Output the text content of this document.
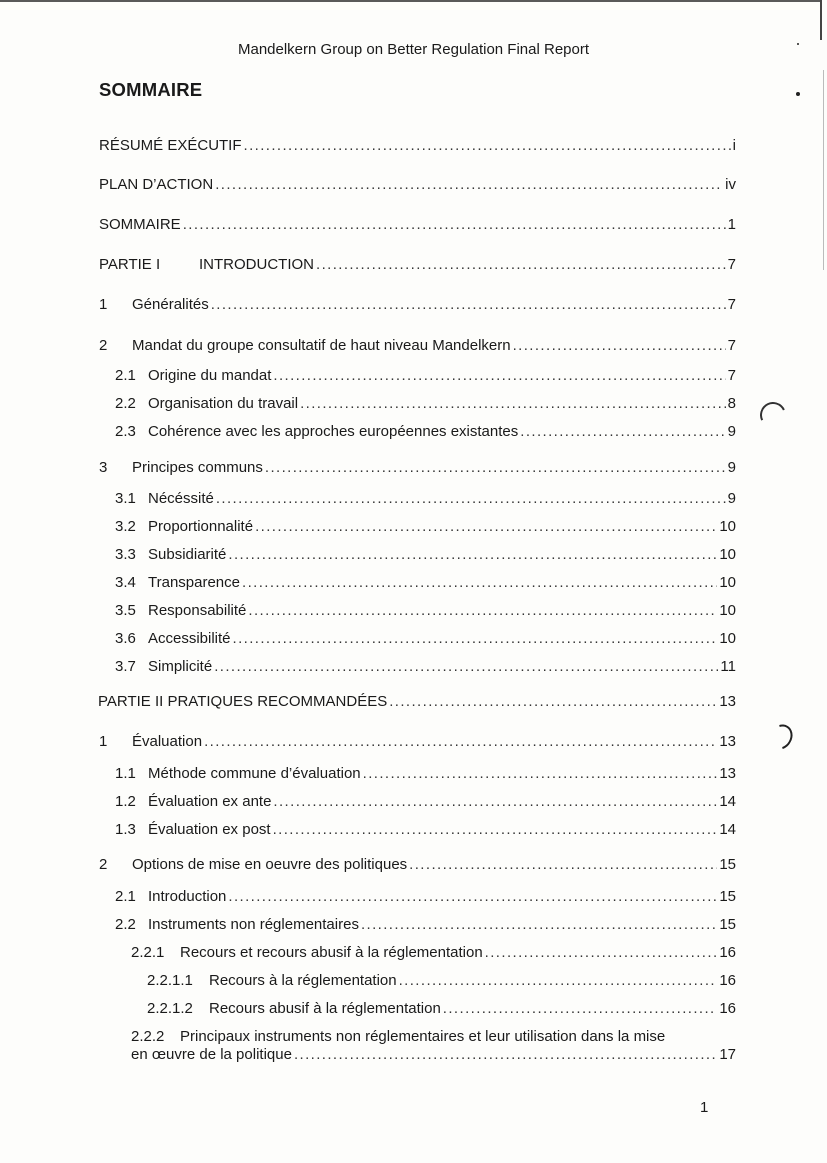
Mandelkern Group on Better Regulation Final Report
SOMMAIRE
RÉSUMÉ EXÉCUTIF .....	i
PLAN D’ACTION .....	iv
SOMMAIRE .....	1
PARTIE I	INTRODUCTION .....	7
1	Généralités .....	7
2	Mandat du groupe consultatif de haut niveau Mandelkern .....	7
2.1 Origine du mandat .....	7
2.2 Organisation du travail .....	8
2.3 Cohérence avec les approches européennes existantes .....	9
3	Principes communs .....	9
3.1 Nécéssité .....	9
3.2 Proportionnalité .....	10
3.3 Subsidiarité .....	10
3.4 Transparence .....	10
3.5 Responsabilité .....	10
3.6 Accessibilité .....	10
3.7 Simplicité .....	11
PARTIE II PRATIQUES RECOMMANDÉES .....	13
1	Évaluation .....	13
1.1 Méthode commune d’évaluation .....	13
1.2 Évaluation ex ante .....	14
1.3 Évaluation ex post .....	14
2	Options de mise en oeuvre des politiques .....	15
2.1 Introduction .....	15
2.2 Instruments non réglementaires .....	15
2.2.1	Recours et recours abusif à la réglementation .....	16
2.2.1.1	Recours à la réglementation .....	16
2.2.1.2	Recours abusif à la réglementation .....	16
2.2.2 Principaux instruments non réglementaires et leur utilisation dans la mise
en œuvre de la politique .....	17
1
